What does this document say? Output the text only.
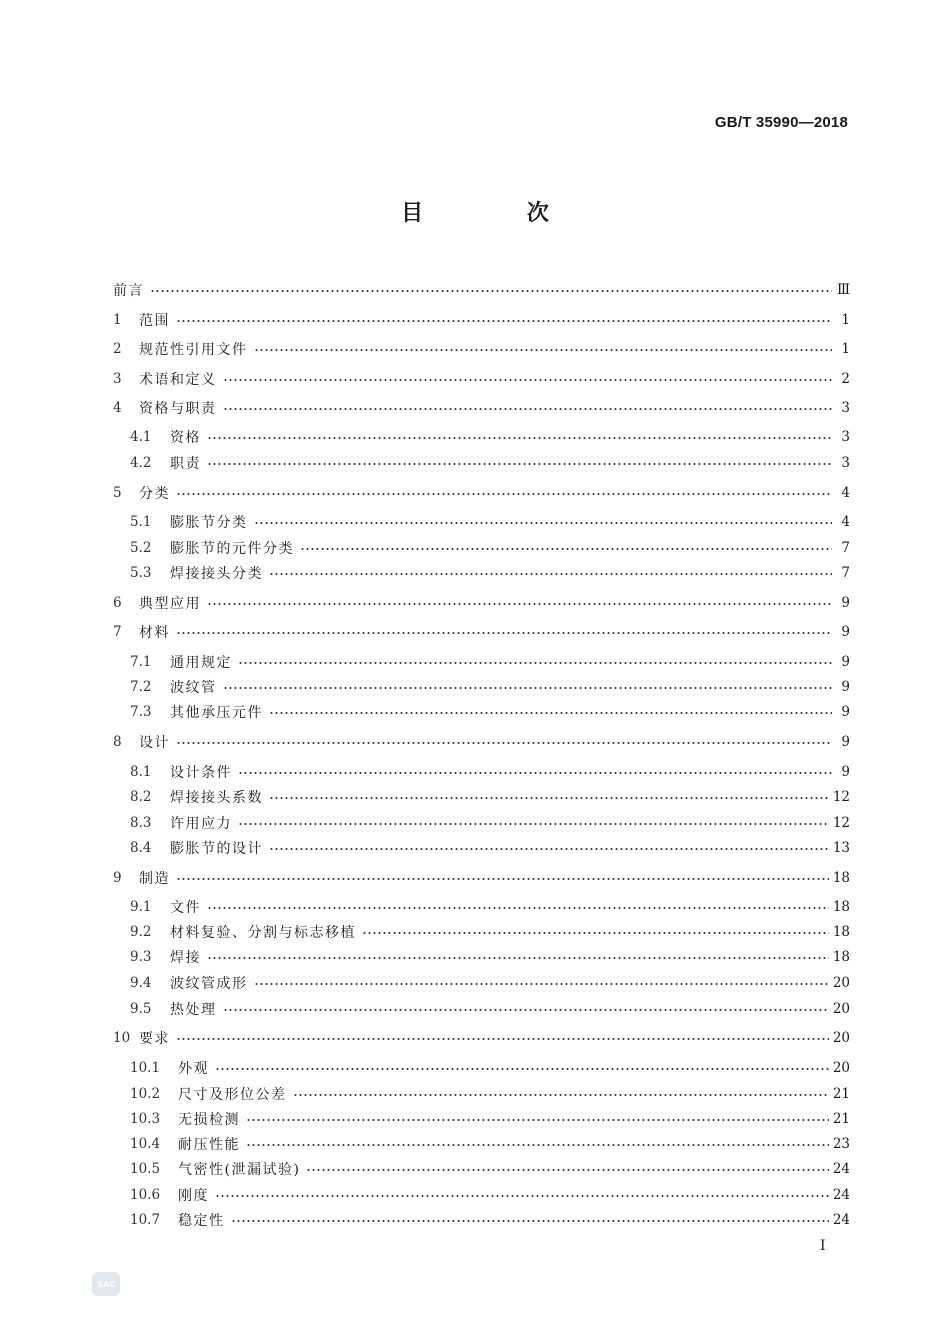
GB/T 35990—2018
目 次
前言	Ⅲ
1	范围	1
2	规范性引用文件	1
3	术语和定义	2
4	资格与职责	3
4.1	资格	3
4.2	职责	3
5	分类	4
5.1	膨胀节分类	4
5.2	膨胀节的元件分类	7
5.3	焊接接头分类	7
6	典型应用	9
7	材料	9
7.1	通用规定	9
7.2	波纹管	9
7.3	其他承压元件	9
8	设计	9
8.1	设计条件	9
8.2	焊接接头系数	12
8.3	许用应力	12
8.4	膨胀节的设计	13
9	制造	18
9.1	文件	18
9.2	材料复验、分割与标志移植	18
9.3	焊接	18
9.4	波纹管成形	20
9.5	热处理	20
10 要求	20
10.1	外观	20
10.2	尺寸及形位公差	21
10.3	无损检测	21
10.4	耐压性能	23
10.5	气密性(泄漏试验)	24
10.6	刚度	24
10.7	稳定性	24
I
SAC
